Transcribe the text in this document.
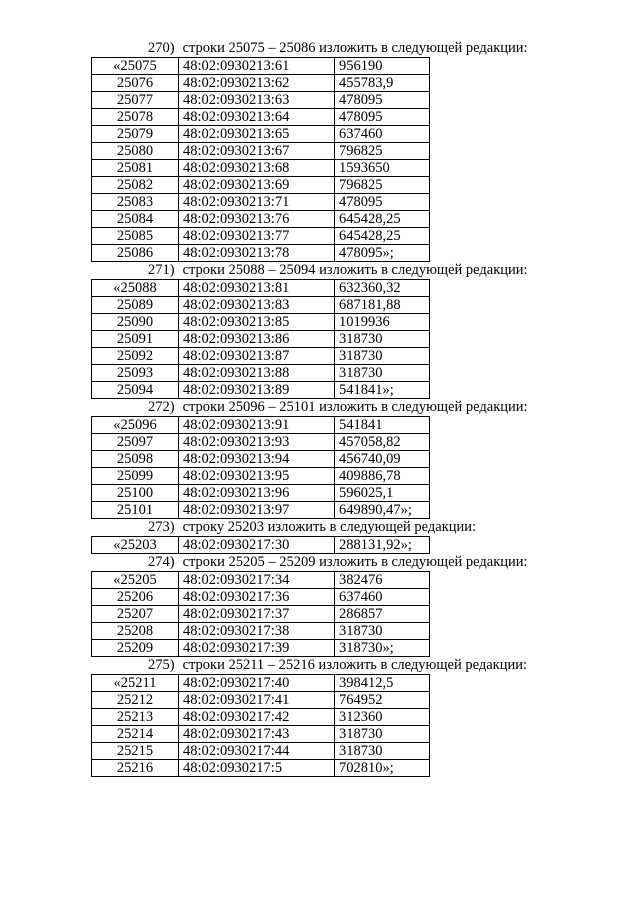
270) строки 25075 – 25086 изложить в следующей редакции:
«25075	48:02:0930213:61	956190
25076	48:02:0930213:62	455783,9
25077	48:02:0930213:63	478095
25078	48:02:0930213:64	478095
25079	48:02:0930213:65	637460
25080	48:02:0930213:67	796825
25081	48:02:0930213:68	1593650
25082	48:02:0930213:69	796825
25083	48:02:0930213:71	478095
25084	48:02:0930213:76	645428,25
25085	48:02:0930213:77	645428,25
25086	48:02:0930213:78	478095»;
271) строки 25088 – 25094 изложить в следующей редакции:
«25088	48:02:0930213:81	632360,32
25089	48:02:0930213:83	687181,88
25090	48:02:0930213:85	1019936
25091	48:02:0930213:86	318730
25092	48:02:0930213:87	318730
25093	48:02:0930213:88	318730
25094	48:02:0930213:89	541841»;
272) строки 25096 – 25101 изложить в следующей редакции:
«25096	48:02:0930213:91	541841
25097	48:02:0930213:93	457058,82
25098	48:02:0930213:94	456740,09
25099	48:02:0930213:95	409886,78
25100	48:02:0930213:96	596025,1
25101	48:02:0930213:97	649890,47»;
273) строку 25203 изложить в следующей редакции:
«25203	48:02:0930217:30	288131,92»;
274) строки 25205 – 25209 изложить в следующей редакции:
«25205	48:02:0930217:34	382476
25206	48:02:0930217:36	637460
25207	48:02:0930217:37	286857
25208	48:02:0930217:38	318730
25209	48:02:0930217:39	318730»;
275) строки 25211 – 25216 изложить в следующей редакции:
«25211	48:02:0930217:40	398412,5
25212	48:02:0930217:41	764952
25213	48:02:0930217:42	312360
25214	48:02:0930217:43	318730
25215	48:02:0930217:44	318730
25216	48:02:0930217:5	702810»;
